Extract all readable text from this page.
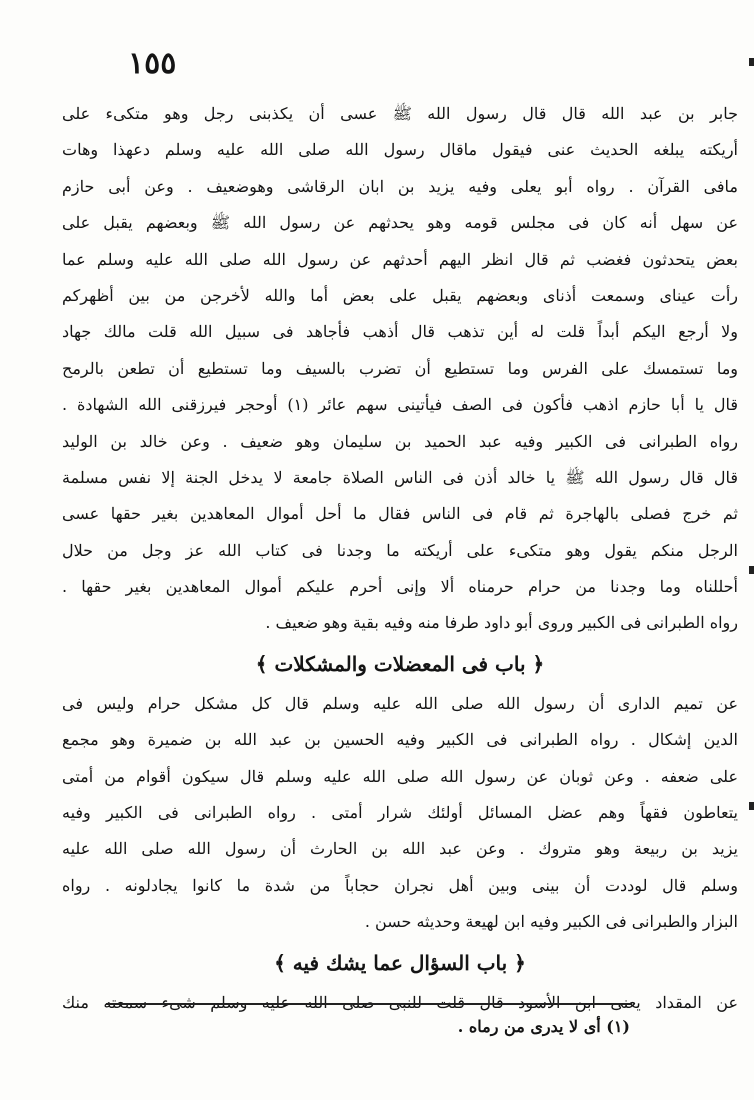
١٥٥
جابر بن عبد الله قال قال رسول الله ﷺ عسى أن يكذبنى رجل وهو متكىء على
أريكته يبلغه الحديث عنى فيقول ماقال رسول الله صلى الله عليه وسلم دعهذا وهات
مافى القرآن . رواه أبو يعلى وفيه يزيد بن ابان الرقاشى وهوضعيف . وعن أبى حازم
عن سهل أنه كان فى مجلس قومه وهو يحدثهم عن رسول الله ﷺ وبعضهم يقبل على
بعض يتحدثون فغضب ثم قال انظر اليهم أحدثهم عن رسول الله صلى الله عليه وسلم عما
رأت عيناى وسمعت أذناى وبعضهم يقبل على بعض أما والله لأخرجن من بين أظهركم
ولا أرجع اليكم أبداً قلت له أين تذهب قال أذهب فأجاهد فى سبيل الله قلت مالك جهاد
وما تستمسك على الفرس وما تستطيع أن تضرب بالسيف وما تستطيع أن تطعن بالرمح
قال يا أبا حازم اذهب فأكون فى الصف فيأتينى سهم عائر (١) أوحجر فيرزقنى الله الشهادة .
رواه الطبرانى فى الكبير وفيه عبد الحميد بن سليمان وهو ضعيف . وعن خالد بن الوليد
قال قال رسول الله ﷺ يا خالد أذن فى الناس الصلاة جامعة لا يدخل الجنة إلا نفس مسلمة
ثم خرج فصلى بالهاجرة ثم قام فى الناس فقال ما أحل أموال المعاهدين بغير حقها عسى
الرجل منكم يقول وهو متكىء على أريكته ما وجدنا فى كتاب الله عز وجل من حلال
أحللناه وما وجدنا من حرام حرمناه ألا وإنى أحرم عليكم أموال المعاهدين بغير حقها .
رواه الطبرانى فى الكبير وروى أبو داود طرفا منه وفيه بقية وهو ضعيف .
﴿ باب فى المعضلات والمشكلات ﴾
عن تميم الدارى أن رسول الله صلى الله عليه وسلم قال كل مشكل حرام وليس فى
الدين إشكال . رواه الطبرانى فى الكبير وفيه الحسين بن عبد الله بن ضميرة وهو مجمع
على ضعفه . وعن ثوبان عن رسول الله صلى الله عليه وسلم قال سيكون أقوام من أمتى
يتعاطون فقهاً وهم عضل المسائل أولئك شرار أمتى . رواه الطبرانى فى الكبير وفيه
يزيد بن ربيعة وهو متروك . وعن عبد الله بن الحارث أن رسول الله صلى الله عليه
وسلم قال لوددت أن بينى وبين أهل نجران حجاباً من شدة ما كانوا يجادلونه . رواه
البزار والطبرانى فى الكبير وفيه ابن لهيعة وحديثه حسن .
﴿ باب السؤال عما يشك فيه ﴾
عن المقداد يعنى ابن الأسود قال قلت للنبى صلى الله عليه وسلم شىء سمعته منك
(١) أى لا يدرى من رماه .
